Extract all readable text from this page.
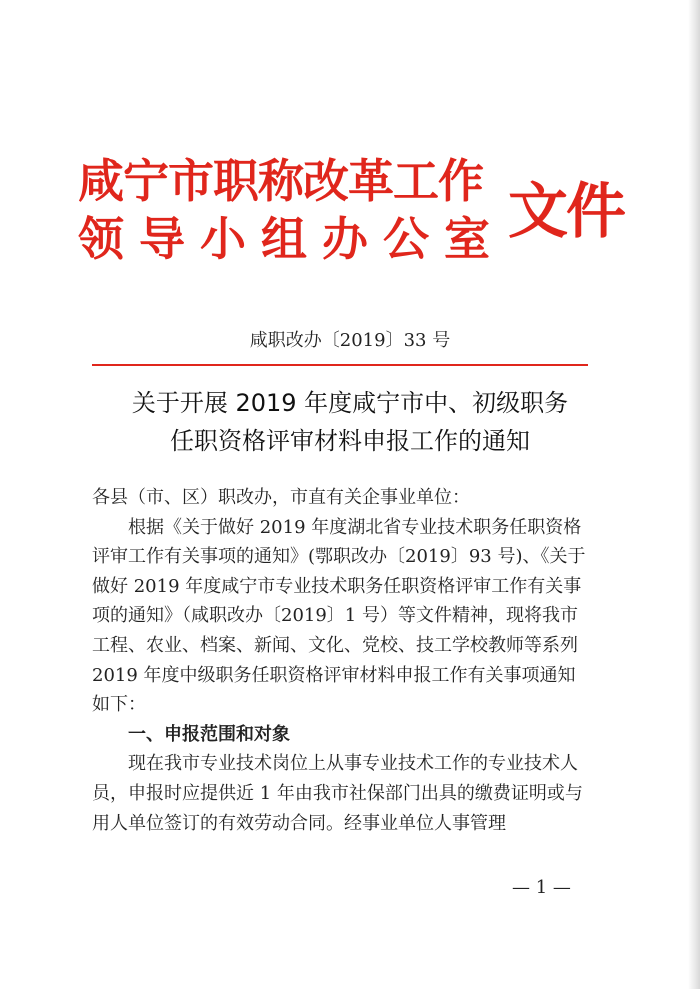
咸宁市职称改革工作
领导小组办公室 文件
咸职改办〔2019〕33 号
关于开展 2019 年度咸宁市中、初级职务
任职资格评审材料申报工作的通知

各县（市、区）职改办，市直有关企事业单位：

根据《关于做好 2019 年度湖北省专业技术职务任职资格评审工作有关事项的通知》(鄂职改办〔2019〕93 号)、《关于做好 2019 年度咸宁市专业技术职务任职资格评审工作有关事项的通知》（咸职改办〔2019〕1 号）等文件精神，现将我市工程、农业、档案、新闻、文化、党校、技工学校教师等系列 2019 年度中级职务任职资格评审材料申报工作有关事项通知如下：

一、申报范围和对象

现在我市专业技术岗位上从事专业技术工作的专业技术人员，申报时应提供近 1 年由我市社保部门出具的缴费证明或与用人单位签订的有效劳动合同。经事业单位人事管理

— 1 —
